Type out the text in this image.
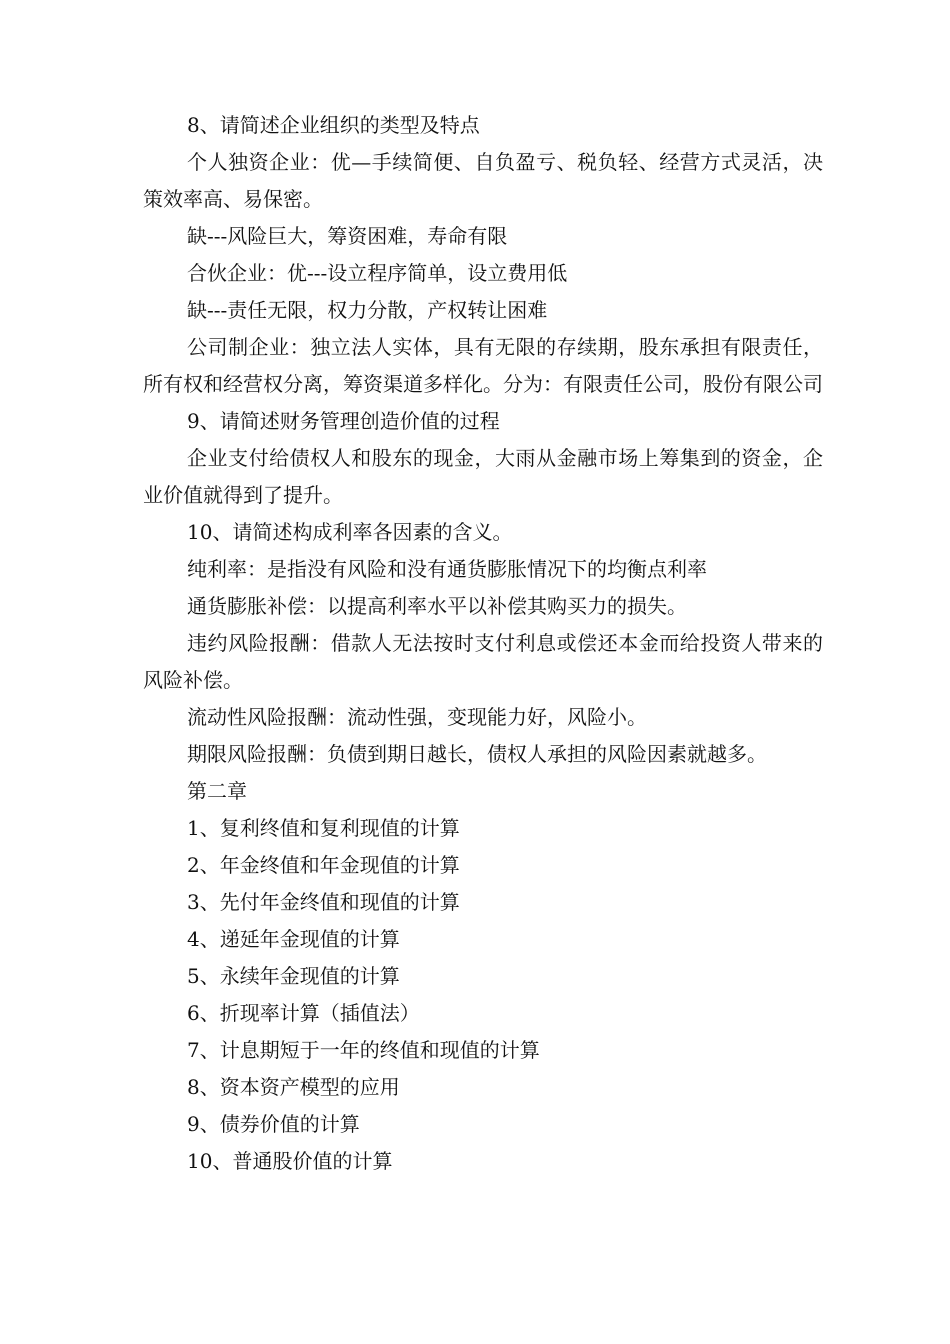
8、请简述企业组织的类型及特点

个人独资企业：优—手续简便、自负盈亏、税负轻、经营方式灵活，决策效率高、易保密。

缺---风险巨大，筹资困难，寿命有限

合伙企业：优---设立程序简单，设立费用低

缺---责任无限，权力分散，产权转让困难

公司制企业：独立法人实体，具有无限的存续期，股东承担有限责任，所有权和经营权分离，筹资渠道多样化。分为：有限责任公司，股份有限公司

9、请简述财务管理创造价值的过程

企业支付给债权人和股东的现金，大雨从金融市场上筹集到的资金，企业价值就得到了提升。

10、请简述构成利率各因素的含义。

纯利率：是指没有风险和没有通货膨胀情况下的均衡点利率

通货膨胀补偿：以提高利率水平以补偿其购买力的损失。

违约风险报酬：借款人无法按时支付利息或偿还本金而给投资人带来的风险补偿。

流动性风险报酬：流动性强，变现能力好，风险小。

期限风险报酬：负债到期日越长，债权人承担的风险因素就越多。

第二章

1、复利终值和复利现值的计算

2、年金终值和年金现值的计算

3、先付年金终值和现值的计算

4、递延年金现值的计算

5、永续年金现值的计算

6、折现率计算（插值法）

7、计息期短于一年的终值和现值的计算

8、资本资产模型的应用

9、债券价值的计算

10、普通股价值的计算
